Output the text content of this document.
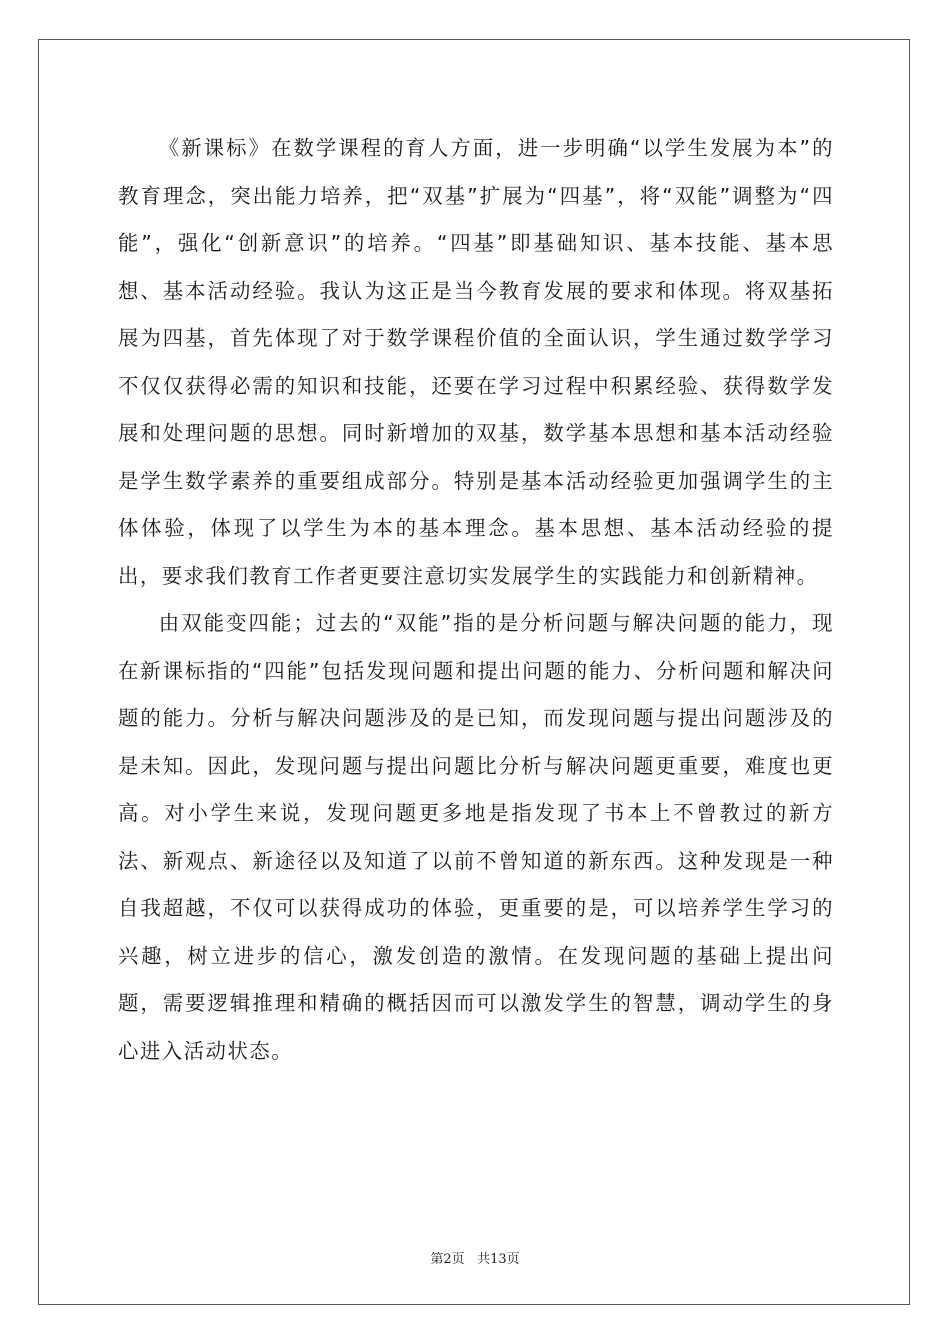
《新课标》在数学课程的育人方面，进一步明确“以学生发展为本”的教育理念，突出能力培养，把“双基”扩展为“四基”，将“双能”调整为“四能”，强化“创新意识”的培养。“四基”即基础知识、基本技能、基本思想、基本活动经验。我认为这正是当今教育发展的要求和体现。将双基拓展为四基，首先体现了对于数学课程价值的全面认识，学生通过数学学习不仅仅获得必需的知识和技能，还要在学习过程中积累经验、获得数学发展和处理问题的思想。同时新增加的双基，数学基本思想和基本活动经验是学生数学素养的重要组成部分。特别是基本活动经验更加强调学生的主体体验，体现了以学生为本的基本理念。基本思想、基本活动经验的提出，要求我们教育工作者更要注意切实发展学生的实践能力和创新精神。

由双能变四能；过去的“双能”指的是分析问题与解决问题的能力，现在新课标指的“四能”包括发现问题和提出问题的能力、分析问题和解决问题的能力。分析与解决问题涉及的是已知，而发现问题与提出问题涉及的是未知。因此，发现问题与提出问题比分析与解决问题更重要，难度也更高。对小学生来说，发现问题更多地是指发现了书本上不曾教过的新方法、新观点、新途径以及知道了以前不曾知道的新东西。这种发现是一种自我超越，不仅可以获得成功的体验，更重要的是，可以培养学生学习的兴趣，树立进步的信心，激发创造的激情。在发现问题的基础上提出问题，需要逻辑推理和精确的概括因而可以激发学生的智慧，调动学生的身心进入活动状态。

第2页 共13页
